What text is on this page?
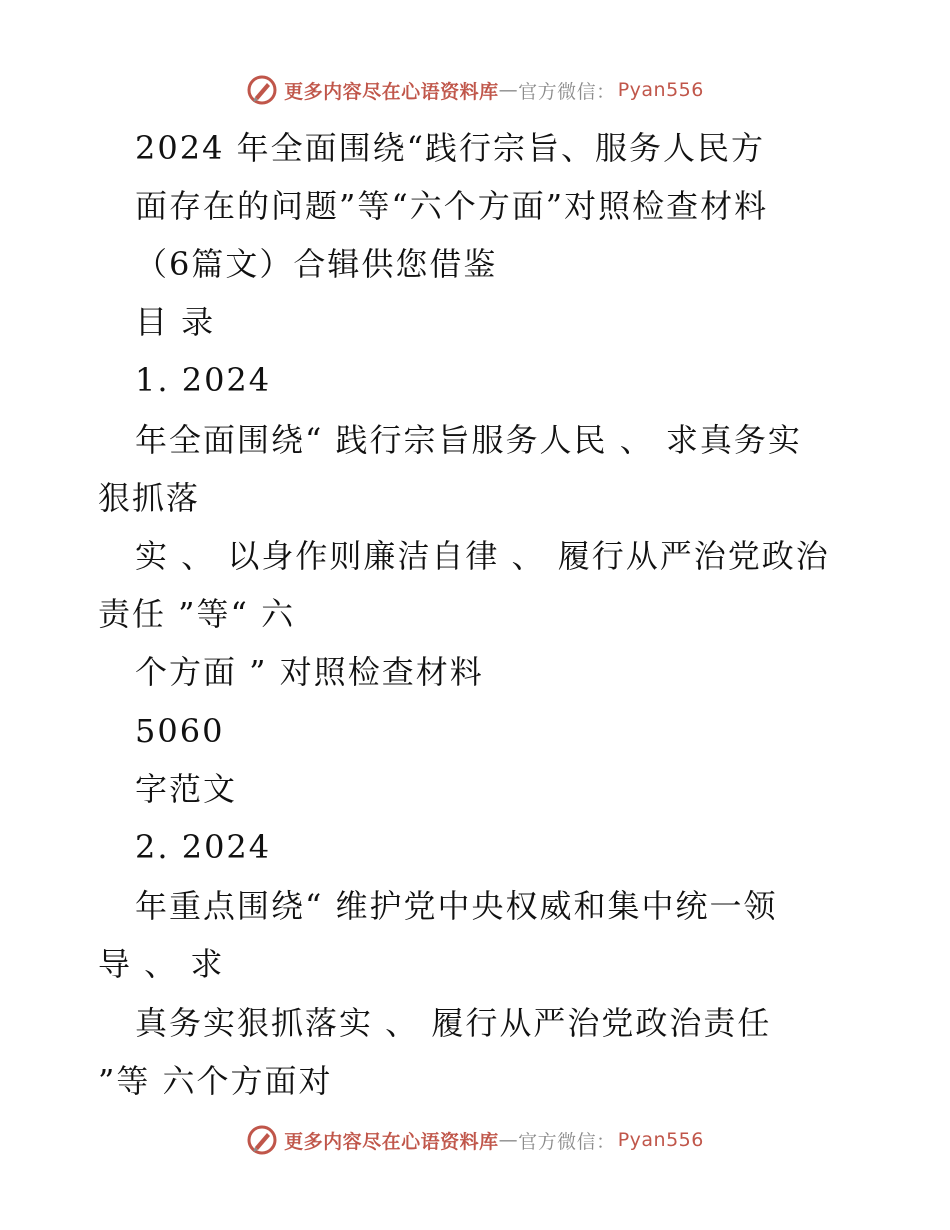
更多内容尽在心语资料库 — 官方微信： Pyan556
2024 年全面围绕“践行宗旨、服务人民方
面存在的问题”等“六个方面”对照检查材料
（6篇文）合辑供您借鉴
目 录
1. 2024
年全面围绕“ 践行宗旨服务人民 、 求真务实
狠抓落
实 、 以身作则廉洁自律 、 履行从严治党政治
责任 ”等“ 六
个方面 ” 对照检查材料
5060
字范文
2. 2024
年重点围绕“ 维护党中央权威和集中统一领
导 、 求
真务实狠抓落实 、 履行从严治党政治责任
”等 六个方面对
更多内容尽在心语资料库 — 官方微信： Pyan556
